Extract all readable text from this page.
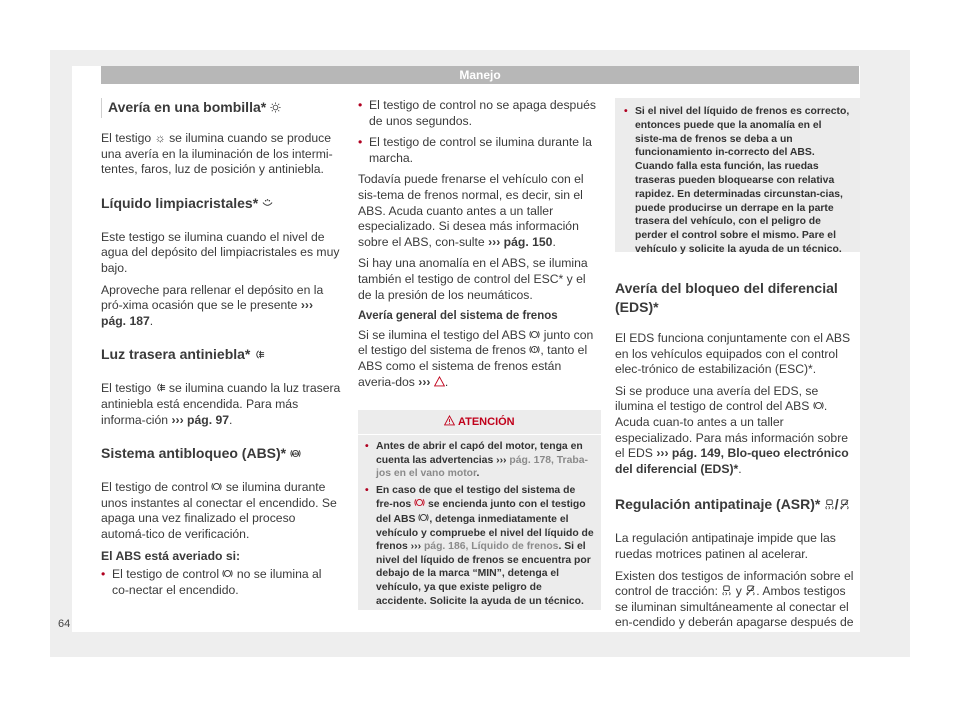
Manejo
Avería en una bombilla*

El testigo ☼ se ilumina cuando se produce una avería en la iluminación de los intermi-tentes, faros, luz de posición y antiniebla.

Líquido limpiacristales*

Este testigo se ilumina cuando el nivel de agua del depósito del limpiacristales es muy bajo.

Aproveche para rellenar el depósito en la pró-xima ocasión que se le presente ››› pág. 187.

Luz trasera antiniebla*

El testigo
se ilumina cuando la luz trasera antiniebla está encendida. Para más informa-ción ››› pág. 97.

Sistema antibloqueo (ABS)* ABS

El testigo de control
se ilumina durante unos instantes al conectar el encendido. Se apaga una vez finalizado el proceso automá-tico de verificación.

El ABS está averiado si:

• El testigo de control
no se ilumina al co-nectar el encendido.

• El testigo de control no se apaga después de unos segundos.

• El testigo de control se ilumina durante la marcha.

Todavía puede frenarse el vehículo con el sis-tema de frenos normal, es decir, sin el ABS. Acuda cuanto antes a un taller especializado. Si desea más información sobre el ABS, con-sulte ››› pág. 150.

Si hay una anomalía en el ABS, se ilumina también el testigo de control del ESC* y el de la presión de los neumáticos.

Avería general del sistema de frenos

Si se ilumina el testigo del ABS
junto con el testigo del sistema de frenos ! , tanto el ABS como el sistema de frenos están averia-dos ››› .

ATENCIÓN

• Antes de abrir el capó del motor, tenga en cuenta las advertencias ››› pág. 178, Traba-jos en el vano motor.

• En caso de que el testigo del sistema de fre-nos
se encienda junto con el testigo del ABS
, detenga inmediatamente el vehículo y compruebe el nivel del líquido de frenos ››› pág. 186, Líquido de frenos. Si el nivel del líquido de frenos se encuentra por debajo de la marca “MIN”, detenga el vehículo, ya que existe peligro de accidente. Solicite la ayuda de un técnico.

• Si el nivel del líquido de frenos es correcto, entonces puede que la anomalía en el siste-ma de frenos se deba a un funcionamiento in-correcto del ABS. Cuando falla esta función, las ruedas traseras pueden bloquearse con relativa rapidez. En determinadas circunstan-cias, puede producirse un derrape en la parte trasera del vehículo, con el peligro de perder el control sobre el mismo. Pare el vehículo y solicite la ayuda de un técnico.

Avería del bloqueo del diferencial (EDS)*

El EDS funciona conjuntamente con el ABS en los vehículos equipados con el control elec-trónico de estabilización (ESC)*.

Si se produce una avería del EDS, se ilumina el testigo de control del ABS
. Acuda cuan-to antes a un taller especializado. Para más información sobre el EDS ››› pág. 149, Blo-queo electrónico del diferencial (EDS)*.

Regulación antipatinaje (ASR)* /

La regulación antipatinaje impide que las ruedas motrices patinen al acelerar.

Existen dos testigos de información sobre el control de tracción:
y
. Ambos testigos se iluminan simultáneamente al conectar el en-cendido y deberán apagarse después de

64
